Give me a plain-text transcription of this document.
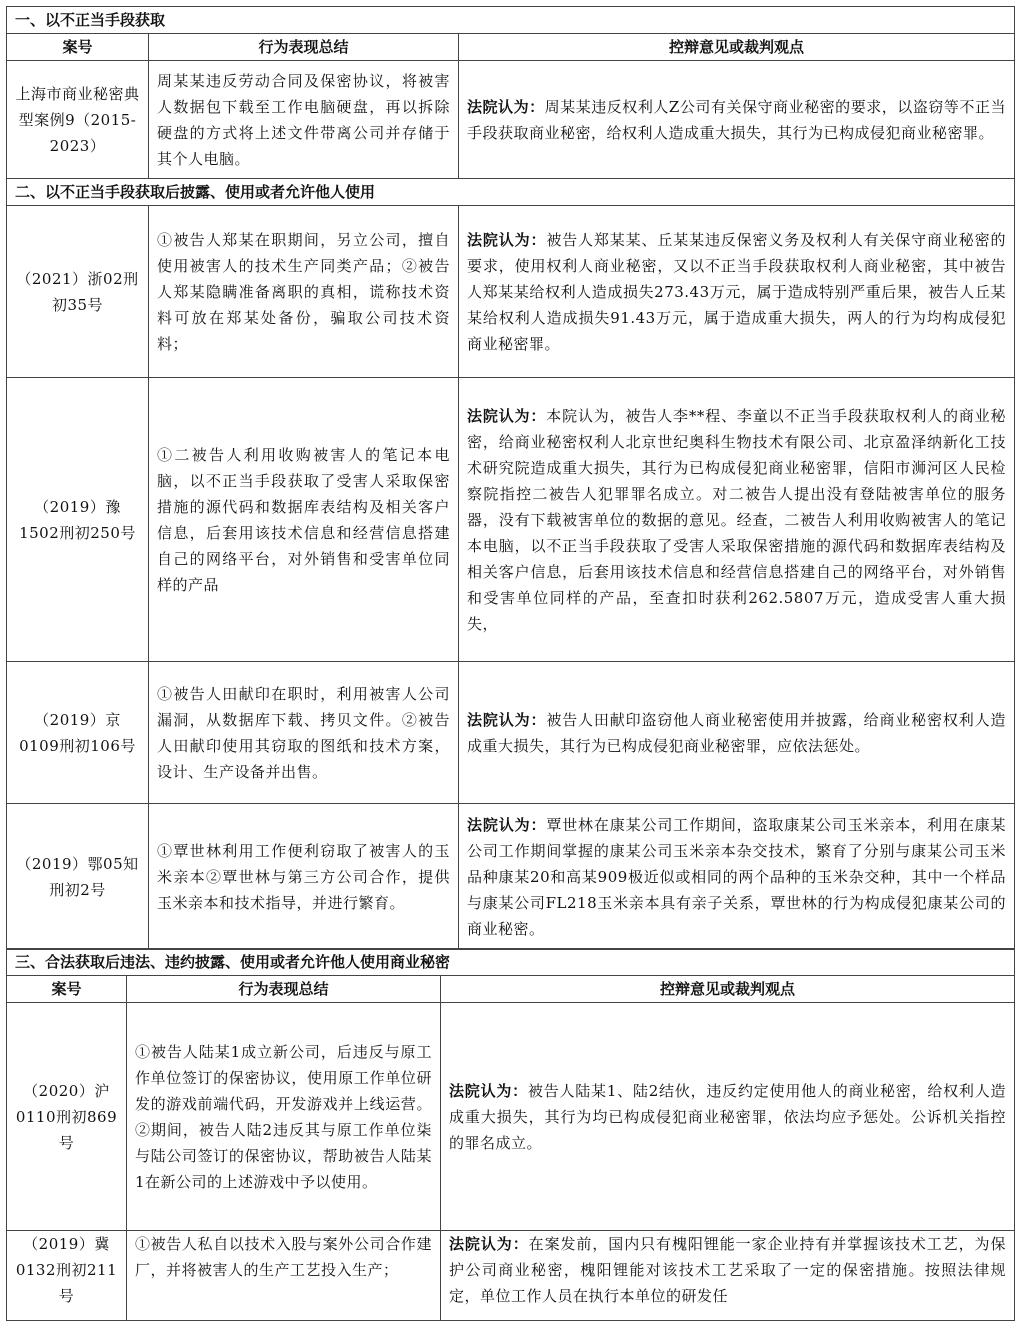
一、以不正当手段获取		
案号	行为表现总结	控辩意见或裁判观点
上海市商业秘密典型案例9（2015-2023）	周某某违反劳动合同及保密协议，将被害人数据包下载至工作电脑硬盘，再以拆除硬盘的方式将上述文件带离公司并存储于其个人电脑。	法院认为：周某某违反权利人Z公司有关保守商业秘密的要求，以盗窃等不正当手段获取商业秘密，给权利人造成重大损失，其行为已构成侵犯商业秘密罪。
二、以不正当手段获取后披露、使用或者允许他人使用		
（2021）浙02刑初35号	①被告人郑某在职期间，另立公司，擅自使用被害人的技术生产同类产品；②被告人郑某隐瞒准备离职的真相，谎称技术资料可放在郑某处备份，骗取公司技术资料；	法院认为：被告人郑某某、丘某某违反保密义务及权利人有关保守商业秘密的要求，使用权利人商业秘密，又以不正当手段获取权利人商业秘密，其中被告人郑某某给权利人造成损失273.43万元，属于造成特别严重后果，被告人丘某某给权利人造成损失91.43万元，属于造成重大损失，两人的行为均构成侵犯商业秘密罪。
（2019）豫1502刑初250号	①二被告人利用收购被害人的笔记本电脑，以不正当手段获取了受害人采取保密措施的源代码和数据库表结构及相关客户信息，后套用该技术信息和经营信息搭建自己的网络平台，对外销售和受害单位同样的产品	法院认为：本院认为，被告人李**程、李童以不正当手段获取权利人的商业秘密，给商业秘密权利人北京世纪奥科生物技术有限公司、北京盈泽纳新化工技术研究院造成重大损失，其行为已构成侵犯商业秘密罪，信阳市浉河区人民检察院指控二被告人犯罪罪名成立。对二被告人提出没有登陆被害单位的服务器，没有下载被害单位的数据的意见。经查，二被告人利用收购被害人的笔记本电脑，以不正当手段获取了受害人采取保密措施的源代码和数据库表结构及相关客户信息，后套用该技术信息和经营信息搭建自己的网络平台，对外销售和受害单位同样的产品，至查扣时获利262.5807万元，造成受害人重大损失，
（2019）京0109刑初106号	①被告人田献印在职时，利用被害人公司漏洞，从数据库下载、拷贝文件。②被告人田献印使用其窃取的图纸和技术方案，设计、生产设备并出售。	法院认为：被告人田献印盗窃他人商业秘密使用并披露，给商业秘密权利人造成重大损失，其行为已构成侵犯商业秘密罪，应依法惩处。
（2019）鄂05知刑初2号	①覃世林利用工作便利窃取了被害人的玉米亲本②覃世林与第三方公司合作，提供玉米亲本和技术指导，并进行繁育。	法院认为：覃世林在康某公司工作期间，盗取康某公司玉米亲本，利用在康某公司工作期间掌握的康某公司玉米亲本杂交技术，繁育了分别与康某公司玉米品种康某20和高某909极近似或相同的两个品种的玉米杂交种，其中一个样品与康某公司FL218玉米亲本具有亲子关系，覃世林的行为构成侵犯康某公司的商业秘密。
三、合法获取后违法、违约披露、使用或者允许他人使用商业秘密		
案号	行为表现总结	控辩意见或裁判观点
（2020）沪0110刑初869号	①被告人陆某1成立新公司，后违反与原工作单位签订的保密协议，使用原工作单位研发的游戏前端代码，开发游戏并上线运营。②期间，被告人陆2违反其与原工作单位柒与陆公司签订的保密协议，帮助被告人陆某1在新公司的上述游戏中予以使用。	法院认为：被告人陆某1、陆2结伙，违反约定使用他人的商业秘密，给权利人造成重大损失，其行为均已构成侵犯商业秘密罪，依法均应予惩处。公诉机关指控的罪名成立。
（2019）冀0132刑初211号	①被告人私自以技术入股与案外公司合作建厂，并将被害人的生产工艺投入生产；	法院认为：在案发前，国内只有槐阳锂能一家企业持有并掌握该技术工艺，为保护公司商业秘密，槐阳锂能对该技术工艺采取了一定的保密措施。按照法律规定，单位工作人员在执行本单位的研发任
